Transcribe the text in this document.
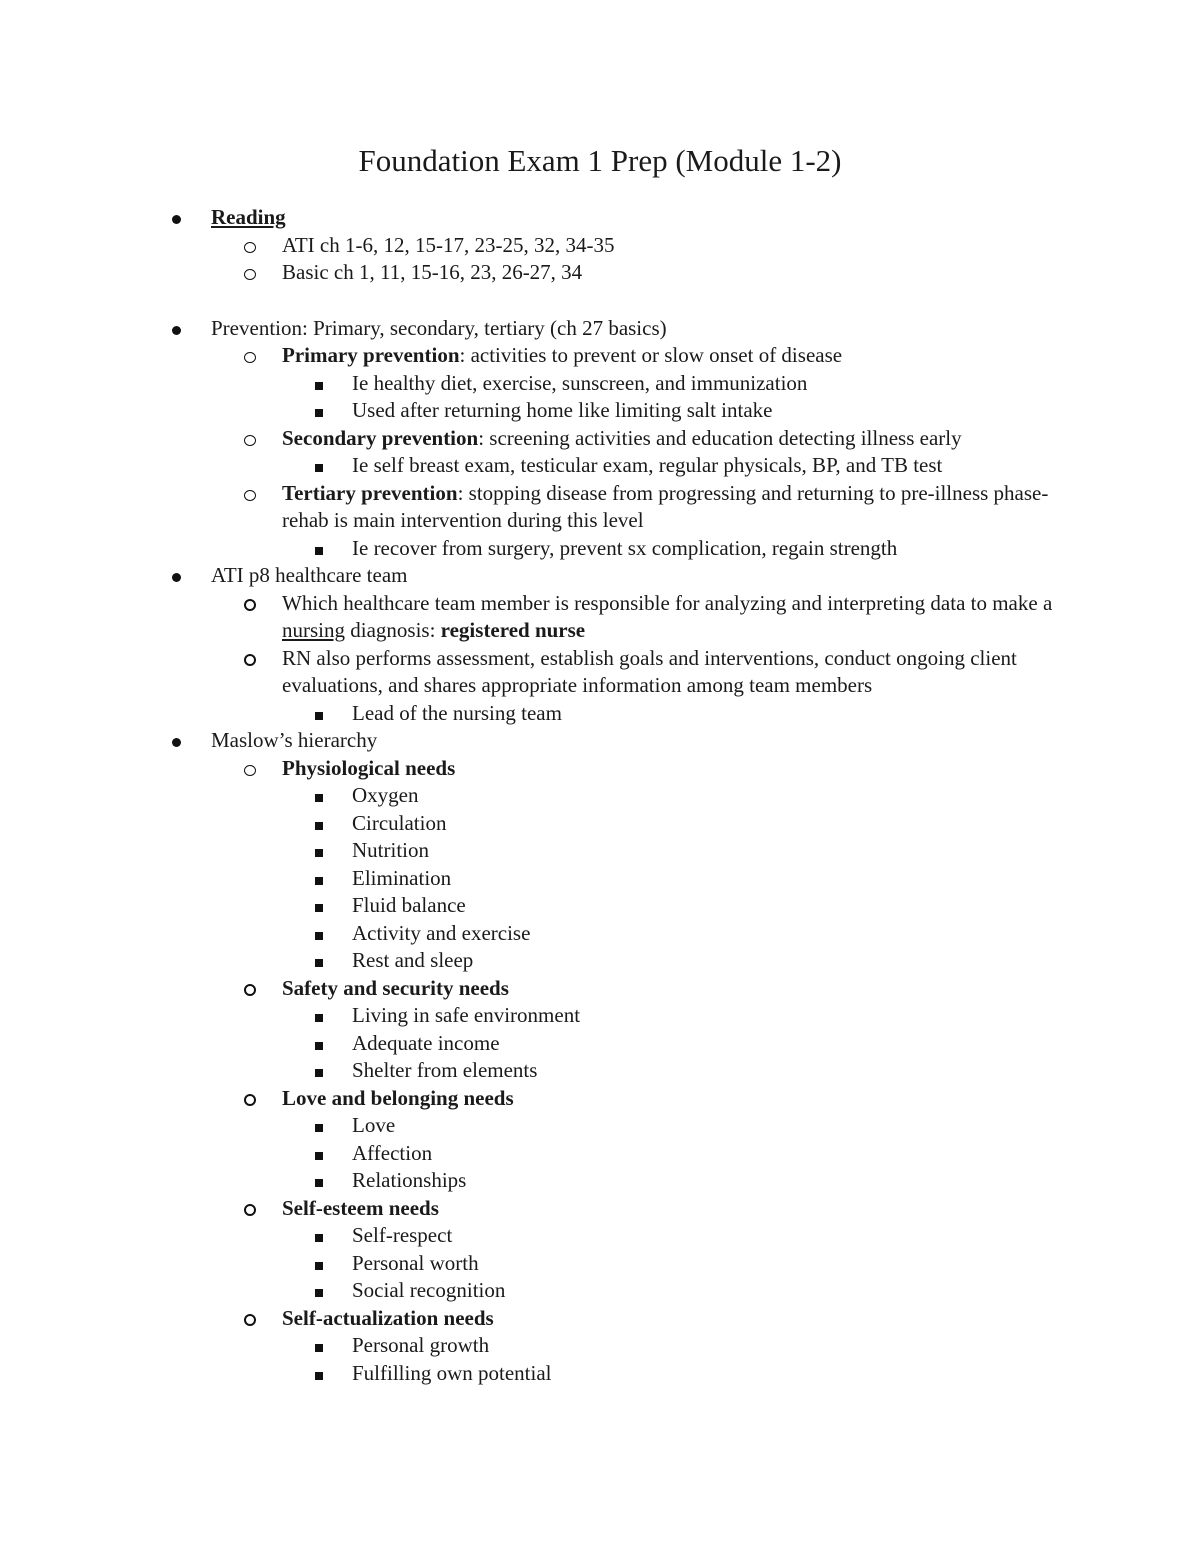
Foundation Exam 1 Prep (Module 1-2)
Reading
ATI ch 1-6, 12, 15-17, 23-25, 32, 34-35
Basic ch 1, 11, 15-16, 23, 26-27, 34
Prevention: Primary, secondary, tertiary (ch 27 basics)
Primary prevention: activities to prevent or slow onset of disease
Ie healthy diet, exercise, sunscreen, and immunization
Used after returning home like limiting salt intake
Secondary prevention: screening activities and education detecting illness early
Ie self breast exam, testicular exam, regular physicals, BP, and TB test
Tertiary prevention: stopping disease from progressing and returning to pre-illness phase- rehab is main intervention during this level
Ie recover from surgery, prevent sx complication, regain strength
ATI p8 healthcare team
Which healthcare team member is responsible for analyzing and interpreting data to make a nursing diagnosis: registered nurse
RN also performs assessment, establish goals and interventions, conduct ongoing client evaluations, and shares appropriate information among team members
Lead of the nursing team
Maslow’s hierarchy
Physiological needs
Oxygen
Circulation
Nutrition
Elimination
Fluid balance
Activity and exercise
Rest and sleep
Safety and security needs
Living in safe environment
Adequate income
Shelter from elements
Love and belonging needs
Love
Affection
Relationships
Self-esteem needs
Self-respect
Personal worth
Social recognition
Self-actualization needs
Personal growth
Fulfilling own potential
